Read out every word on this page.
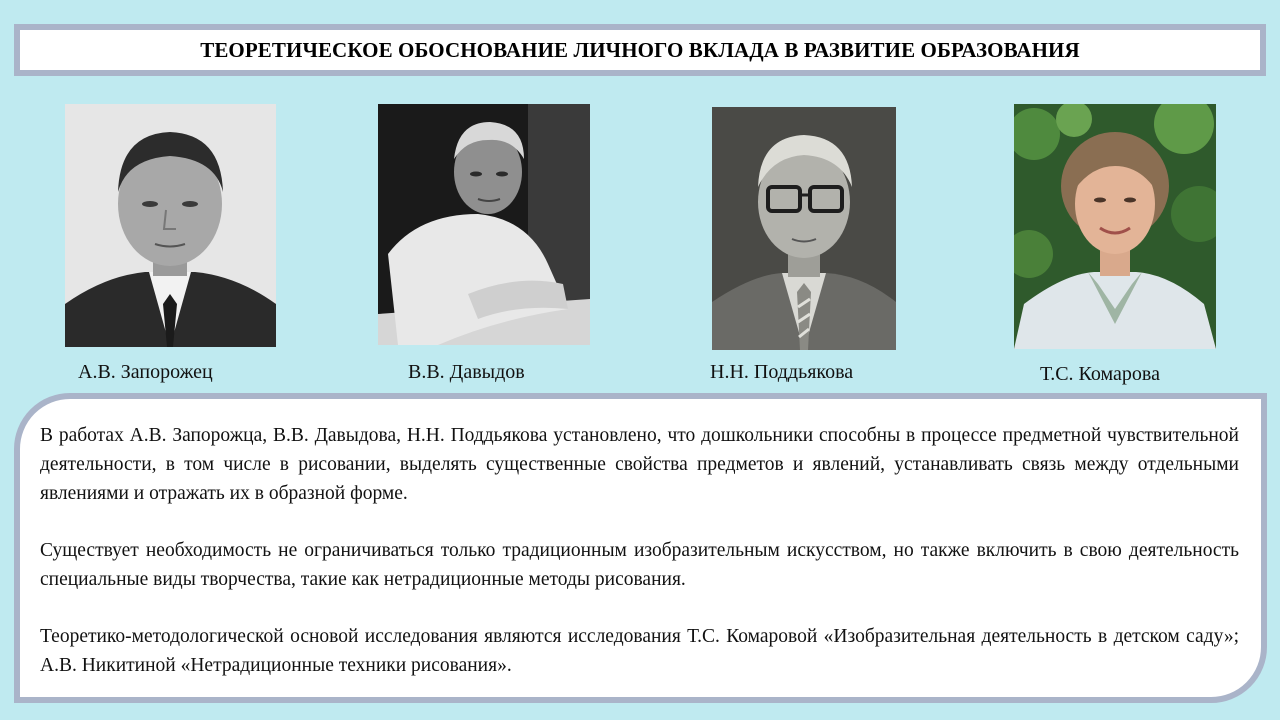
ТЕОРЕТИЧЕСКОЕ ОБОСНОВАНИЕ ЛИЧНОГО ВКЛАДА В РАЗВИТИЕ ОБРАЗОВАНИЯ
А.В. Запорожец	В.В. Давыдов	Н.Н. Поддьякова	Т.С. Комарова

В работах А.В. Запорожца, В.В. Давыдова, Н.Н. Поддьякова установлено, что дошкольники способны в процессе предметной чувствительной деятельности, в том числе в рисовании, выделять существенные свойства предметов и явлений, устанавливать связь между отдельными явлениями и отражать их в образной форме.

Существует необходимость не ограничиваться только традиционным изобразительным искусством, но также включить в свою деятельность специальные виды творчества, такие как нетрадиционные методы рисования.

Теоретико-методологической основой исследования являются исследования Т.С. Комаровой «Изобразительная деятельность в детском саду»; А.В. Никитиной «Нетрадиционные техники рисования».
